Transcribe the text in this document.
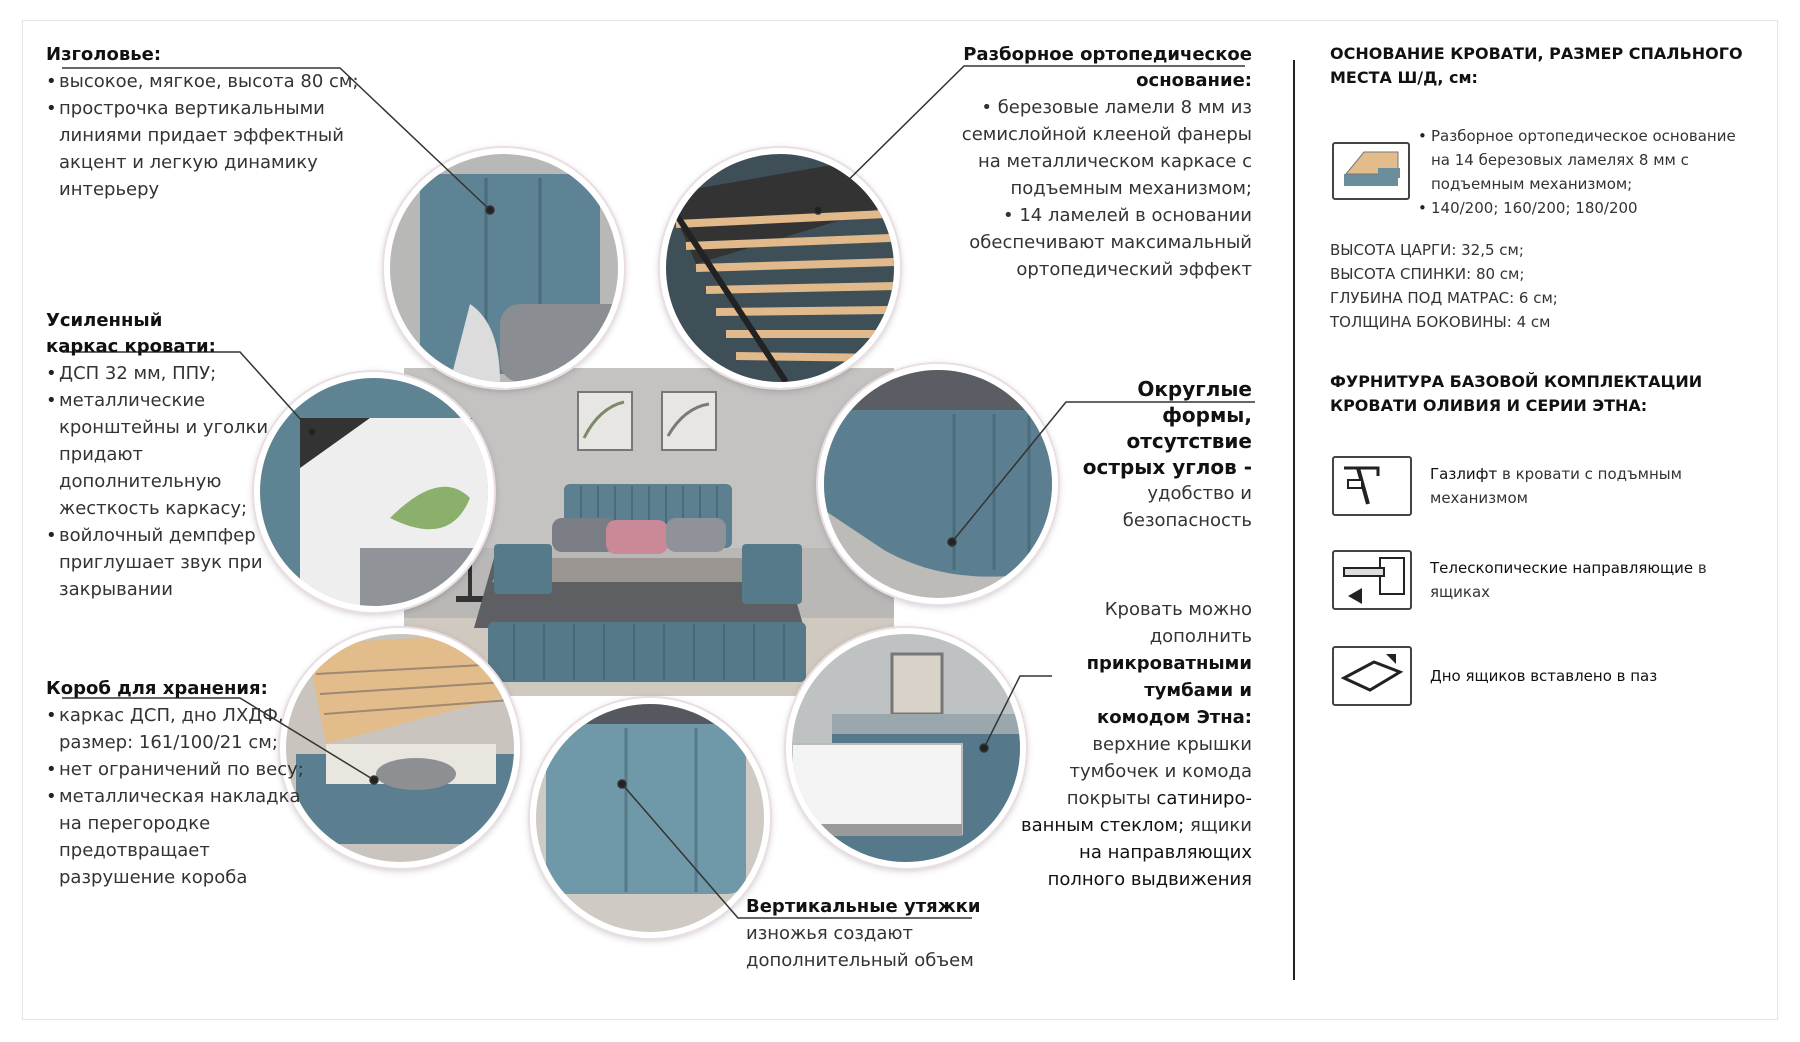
Изголовье:
• высокое, мягкое, высота 80 см;
• прострочка вертикальными линиями придает эффектный акцент и легкую динамику интерьеру
Разборное ортопедическое основание:
• березовые ламели 8 мм из семислойной клееной фанеры на металлическом каркасе с подъемным механизмом;
• 14 ламелей в основании обеспечивают максимальный ортопедический эффект
Усиленный каркас кровати:
• ДСП 32 мм, ППУ;
• металлические кронштейны и уголки придают дополнительную жесткость каркасу;
• войлочный демпфер приглушает звук при закрывании
Округлые формы, отсутствие острых углов -
удобство и безопасность
Короб для хранения:
• каркас ДСП, дно ЛХДФ, размер: 161/100/21 см;
• нет ограничений по весу;
• металлическая накладка на перегородке предотвращает разрушение короба
Кровать можно дополнить
прикроватными тумбами и комодом Этна:
верхние крышки тумбочек и комода покрыты сатиниро-ванным стеклом; ящики на направляющих полного выдвижения
Вертикальные утяжки
изножья создают дополнительный объем
ОСНОВАНИЕ КРОВАТИ, РАЗМЕР СПАЛЬНОГО МЕСТА Ш/Д, см:
• Разборное ортопедическое основание на 14 березовых ламелях 8 мм с подъемным механизмом;
• 140/200; 160/200; 180/200
ВЫСОТА ЦАРГИ: 32,5 см;
ВЫСОТА СПИНКИ: 80 см;
ГЛУБИНА ПОД МАТРАС: 6 см;
ТОЛЩИНА БОКОВИНЫ: 4 см
ФУРНИТУРА БАЗОВОЙ КОМПЛЕКТАЦИИ КРОВАТИ ОЛИВИЯ И СЕРИИ ЭТНА:
Газлифт в кровати с подъмным механизмом
Телескопические направляющие в ящиках
Дно ящиков вставлено в паз
